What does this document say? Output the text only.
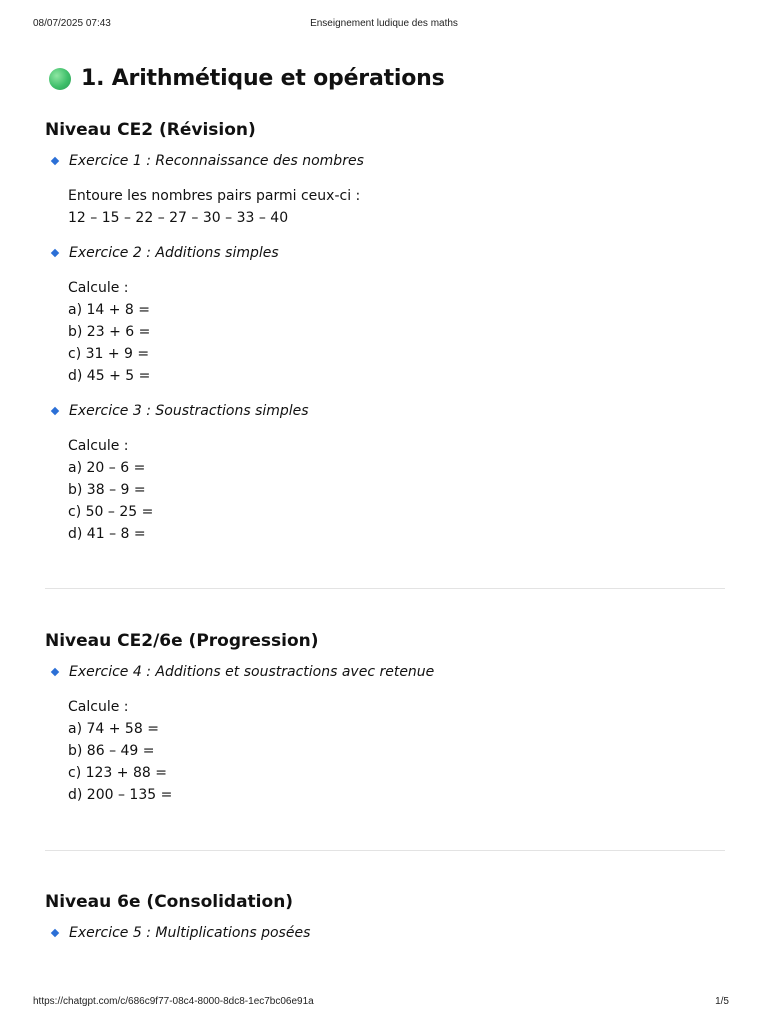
08/07/2025 07:43	Enseignement ludique des maths
1. Arithmétique et opérations
Niveau CE2 (Révision)
Exercice 1 : Reconnaissance des nombres
Entoure les nombres pairs parmi ceux-ci :
12 – 15 – 22 – 27 – 30 – 33 – 40
Exercice 2 : Additions simples
Calcule :
a) 14 + 8 =
b) 23 + 6 =
c) 31 + 9 =
d) 45 + 5 =
Exercice 3 : Soustractions simples
Calcule :
a) 20 – 6 =
b) 38 – 9 =
c) 50 – 25 =
d) 41 – 8 =
Niveau CE2/6e (Progression)
Exercice 4 : Additions et soustractions avec retenue
Calcule :
a) 74 + 58 =
b) 86 – 49 =
c) 123 + 88 =
d) 200 – 135 =
Niveau 6e (Consolidation)
Exercice 5 : Multiplications posées
https://chatgpt.com/c/686c9f77-08c4-8000-8dc8-1ec7bc06e91a	1/5
